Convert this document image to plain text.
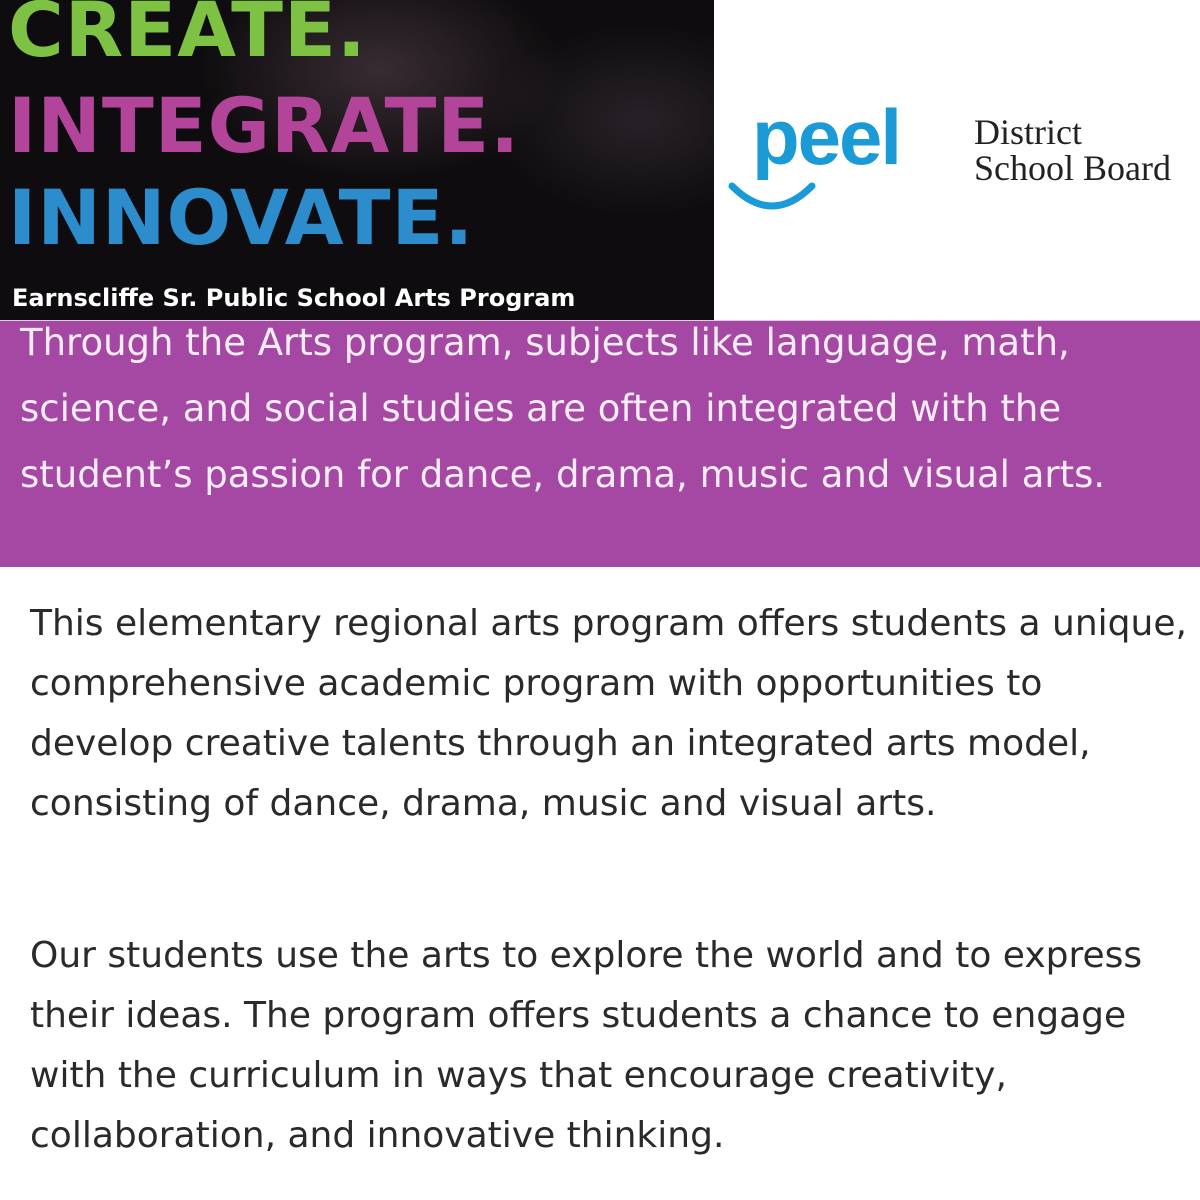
CREATE.
INTEGRATE.
INNOVATE.
Earnscliffe Sr. Public School Arts Program
peel District
School Board
Through the Arts program, subjects like language, math, science, and social studies are often integrated with the student’s passion for dance, drama, music and visual arts.
This elementary regional arts program offers students a unique, comprehensive academic program with opportunities to develop creative talents through an integrated arts model, consisting of dance, drama, music and visual arts.
Our students use the arts to explore the world and to express their ideas. The program offers students a chance to engage with the curriculum in ways that encourage creativity, collaboration, and innovative thinking.
